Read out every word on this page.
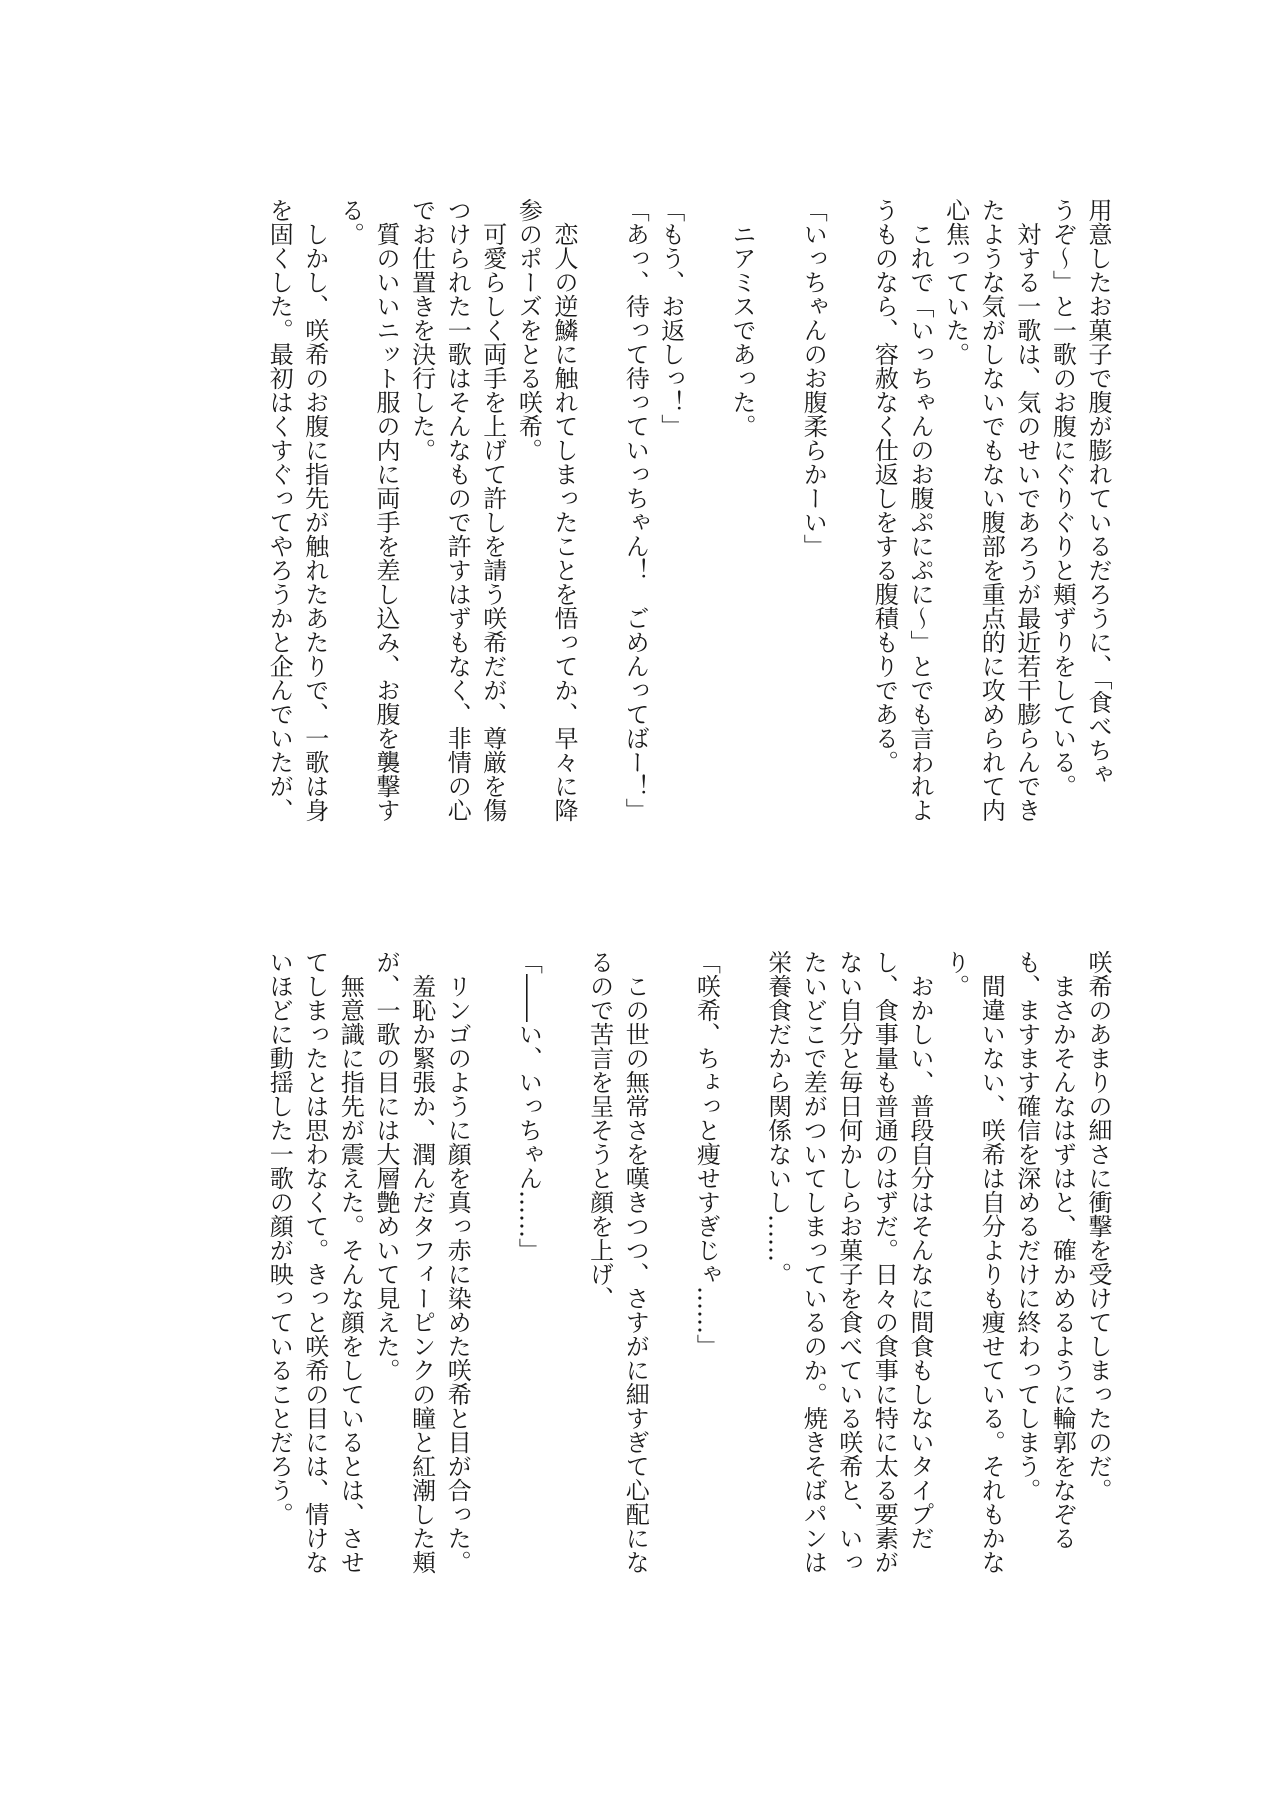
用意したお菓子で腹が膨れているだろうに、「食べちゃ
うぞ～」と一歌のお腹にぐりぐりと頬ずりをしている。
　対する一歌は、気のせいであろうが最近若干膨らんでき
たような気がしないでもない腹部を重点的に攻められて内
心焦っていた。
　これで「いっちゃんのお腹ぷにぷに～」とでも言われよ
うものなら、容赦なく仕返しをする腹積もりである。
「いっちゃんのお腹柔らかーい」
　ニアミスであった。
「もう、お返しっ！」
「あっ、待って待っていっちゃん！　ごめんってばー！」
　恋人の逆鱗に触れてしまったことを悟ってか、早々に降
参のポーズをとる咲希。
　可愛らしく両手を上げて許しを請う咲希だが、尊厳を傷
つけられた一歌はそんなもので許すはずもなく、非情の心
でお仕置きを決行した。
　質のいいニット服の内に両手を差し込み、お腹を襲撃す
る。
　しかし、咲希のお腹に指先が触れたあたりで、一歌は身
を固くした。最初はくすぐってやろうかと企んでいたが、
咲希のあまりの細さに衝撃を受けてしまったのだ。
　まさかそんなはずはと、確かめるように輪郭をなぞる
も、ますます確信を深めるだけに終わってしまう。
　間違いない、咲希は自分よりも痩せている。それもかな
り。
　おかしい、普段自分はそんなに間食もしないタイプだ
し、食事量も普通のはずだ。日々の食事に特に太る要素が
ない自分と毎日何かしらお菓子を食べている咲希と、いっ
たいどこで差がついてしまっているのか。焼きそばパンは
栄養食だから関係ないし……。
「咲希、ちょっと痩せすぎじゃ……」
　この世の無常さを嘆きつつ、さすがに細すぎて心配にな
るので苦言を呈そうと顔を上げ、
「――い、いっちゃん……」
　リンゴのように顔を真っ赤に染めた咲希と目が合った。
　羞恥か緊張か、潤んだタフィーピンクの瞳と紅潮した頬
が、一歌の目には大層艶めいて見えた。
　無意識に指先が震えた。そんな顔をしているとは、させ
てしまったとは思わなくて。きっと咲希の目には、情けな
いほどに動揺した一歌の顔が映っていることだろう。
